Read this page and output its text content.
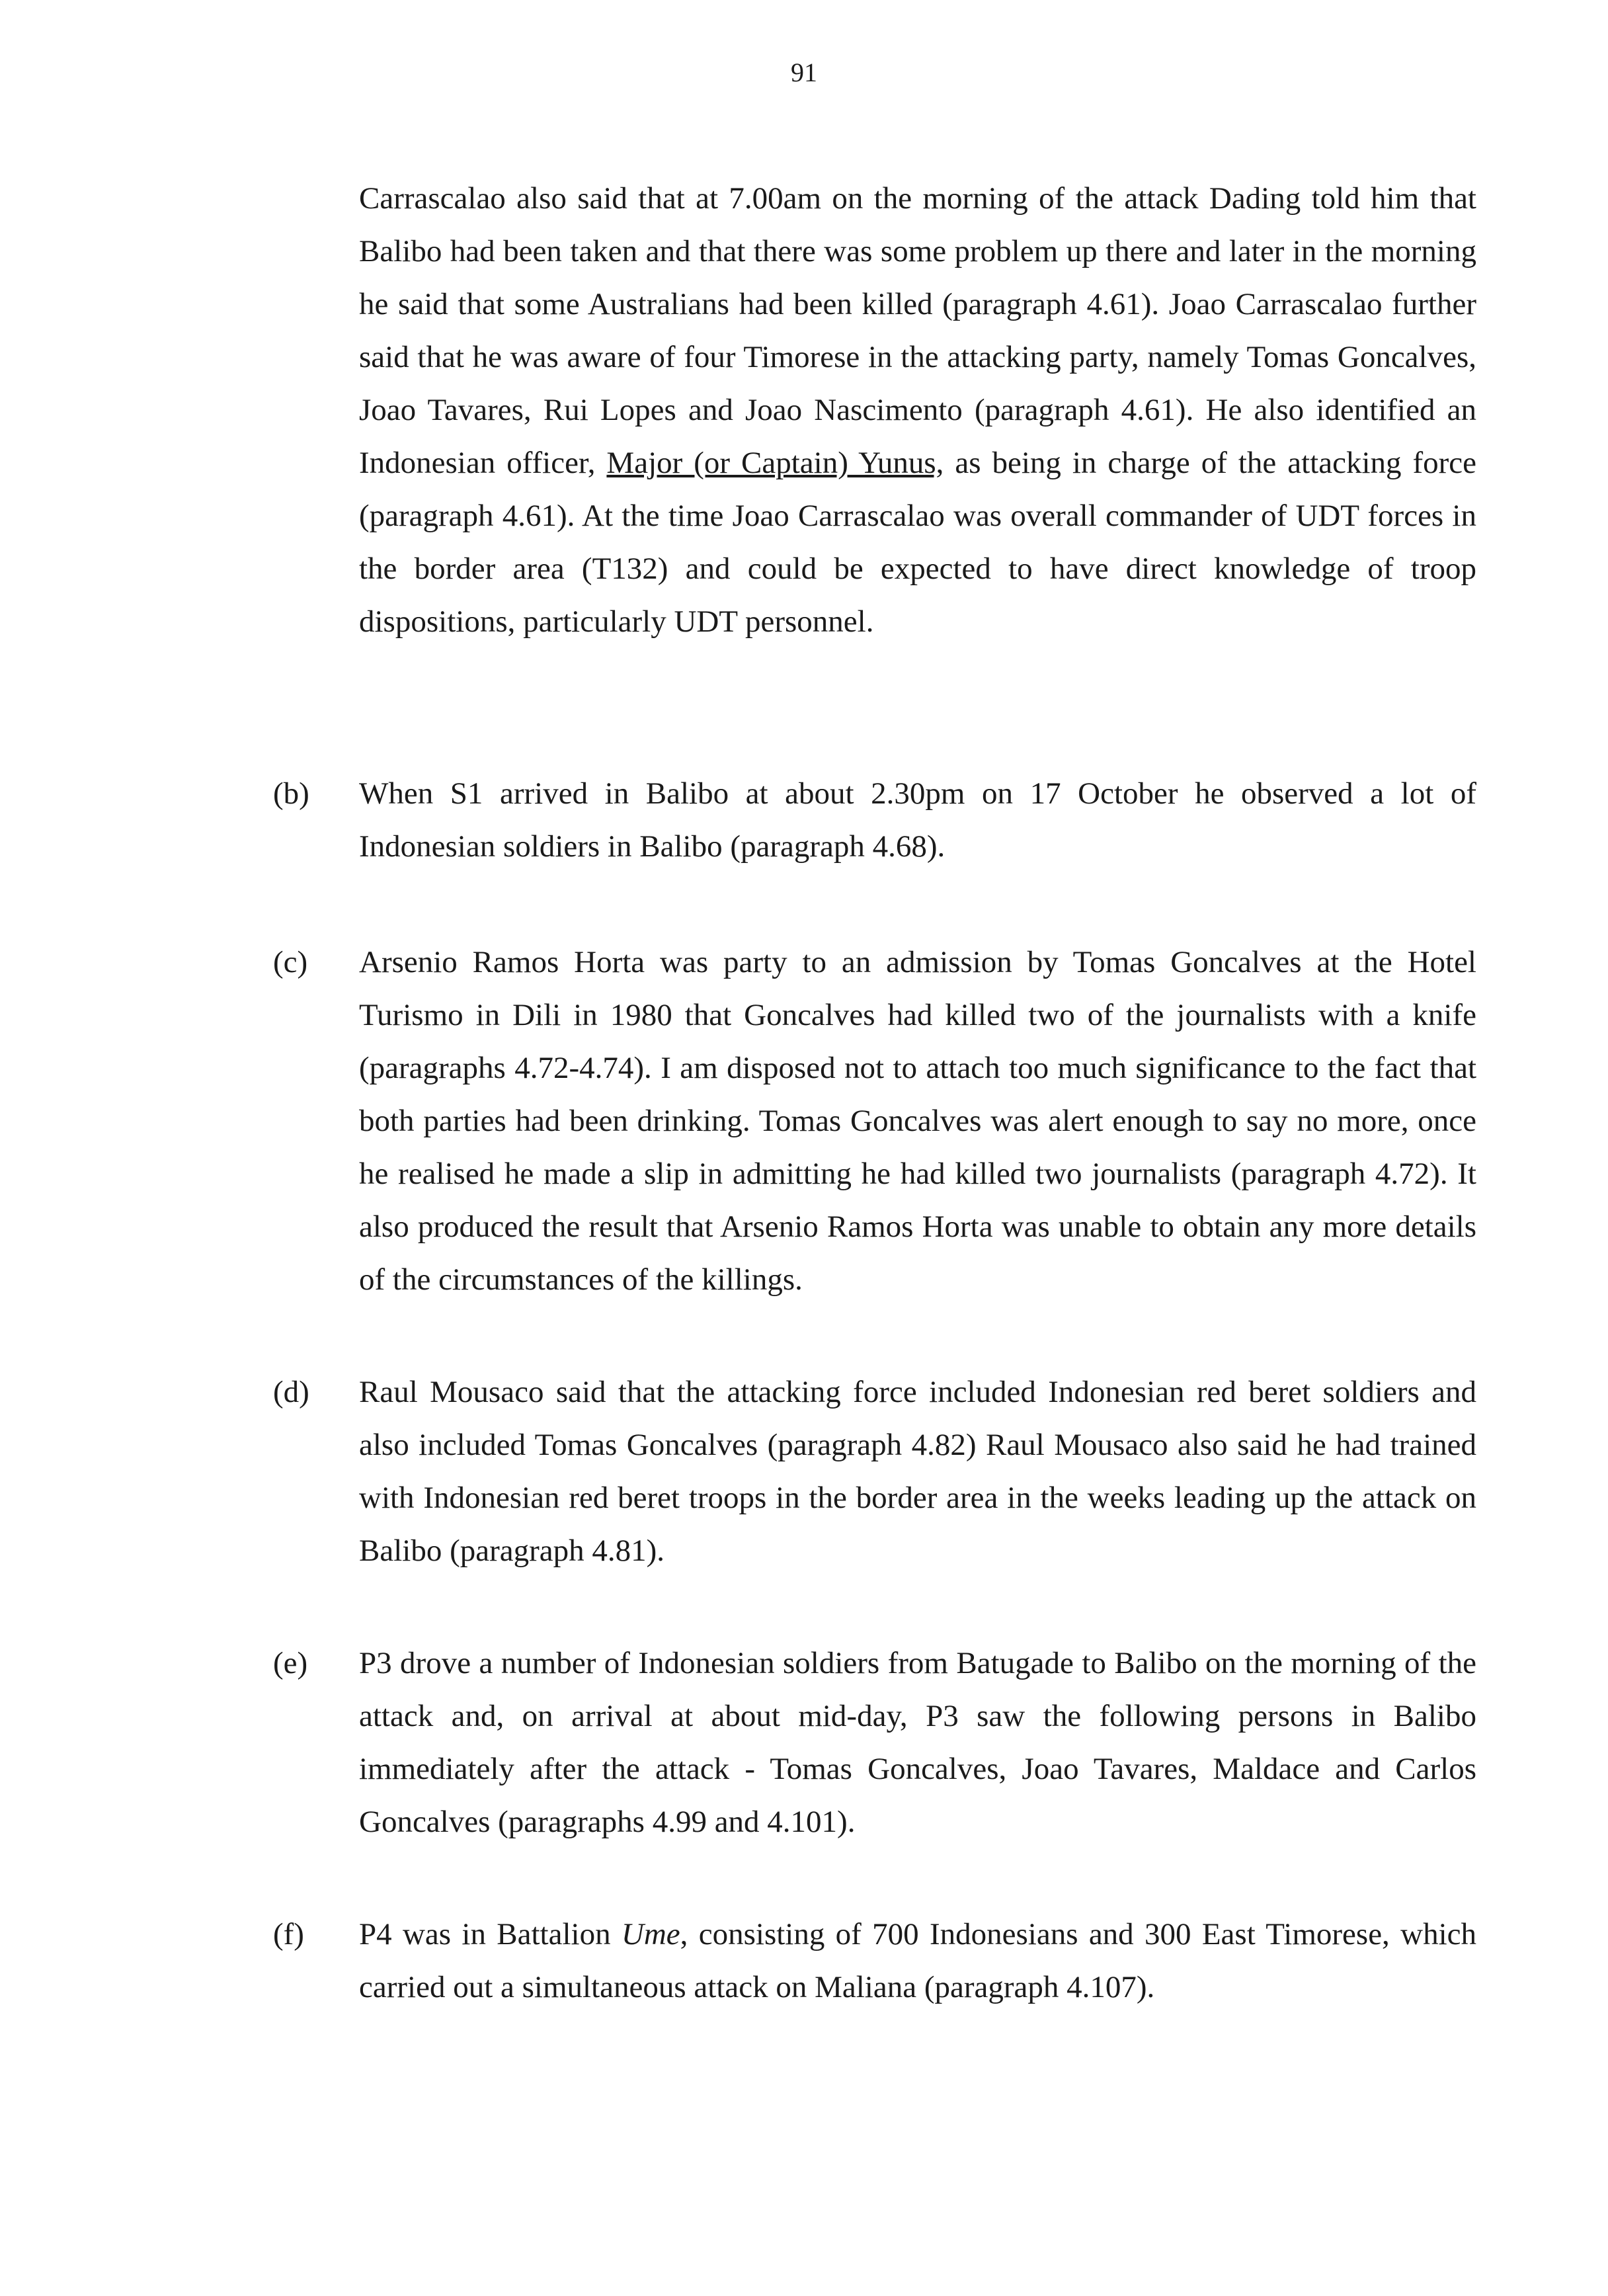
91
Carrascalao also said that at 7.00am on the morning of the attack Dading told him that Balibo had been taken and that there was some problem up there and later in the morning he said that some Australians had been killed (paragraph 4.61). Joao Carrascalao further said that he was aware of four Timorese in the attacking party, namely Tomas Goncalves, Joao Tavares, Rui Lopes and Joao Nascimento (paragraph 4.61). He also identified an Indonesian officer, Major (or Captain) Yunus, as being in charge of the attacking force (paragraph 4.61). At the time Joao Carrascalao was overall commander of UDT forces in the border area (T132) and could be expected to have direct knowledge of troop dispositions, particularly UDT personnel.
(b)	When S1 arrived in Balibo at about 2.30pm on 17 October he observed a lot of Indonesian soldiers in Balibo (paragraph 4.68).
(c)	Arsenio Ramos Horta was party to an admission by Tomas Goncalves at the Hotel Turismo in Dili in 1980 that Goncalves had killed two of the journalists with a knife (paragraphs 4.72-4.74). I am disposed not to attach too much significance to the fact that both parties had been drinking. Tomas Goncalves was alert enough to say no more, once he realised he made a slip in admitting he had killed two journalists (paragraph 4.72). It also produced the result that Arsenio Ramos Horta was unable to obtain any more details of the circumstances of the killings.
(d)	Raul Mousaco said that the attacking force included Indonesian red beret soldiers and also included Tomas Goncalves (paragraph 4.82) Raul Mousaco also said he had trained with Indonesian red beret troops in the border area in the weeks leading up the attack on Balibo (paragraph 4.81).
(e)	P3 drove a number of Indonesian soldiers from Batugade to Balibo on the morning of the attack and, on arrival at about mid-day, P3 saw the following persons in Balibo immediately after the attack - Tomas Goncalves, Joao Tavares, Maldace and Carlos Goncalves (paragraphs 4.99 and 4.101).
(f)	P4 was in Battalion Ume, consisting of 700 Indonesians and 300 East Timorese, which carried out a simultaneous attack on Maliana (paragraph 4.107).
